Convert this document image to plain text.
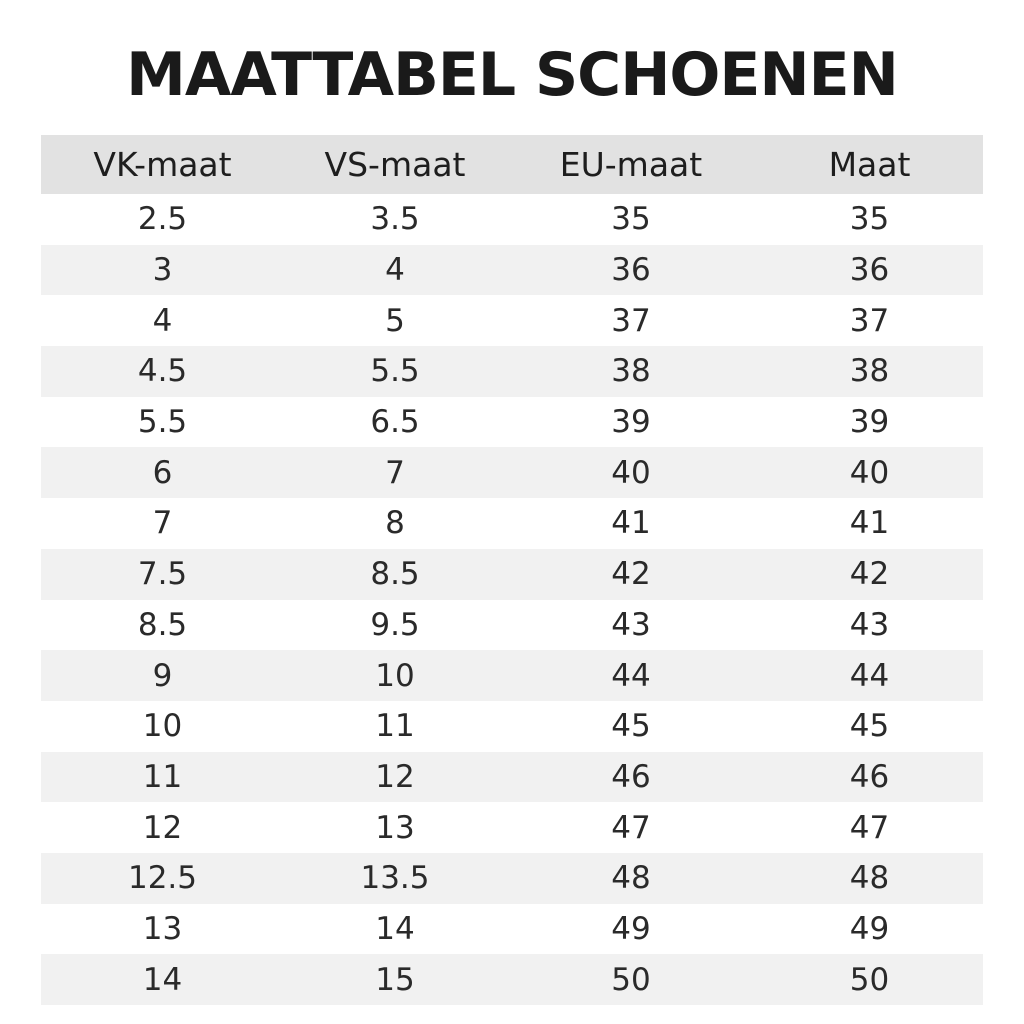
MAATTABEL SCHOENEN
VK-maat	VS-maat	EU-maat	Maat
2.5	3.5	35	35
3	4	36	36
4	5	37	37
4.5	5.5	38	38
5.5	6.5	39	39
6	7	40	40
7	8	41	41
7.5	8.5	42	42
8.5	9.5	43	43
9	10	44	44
10	11	45	45
11	12	46	46
12	13	47	47
12.5	13.5	48	48
13	14	49	49
14	15	50	50
